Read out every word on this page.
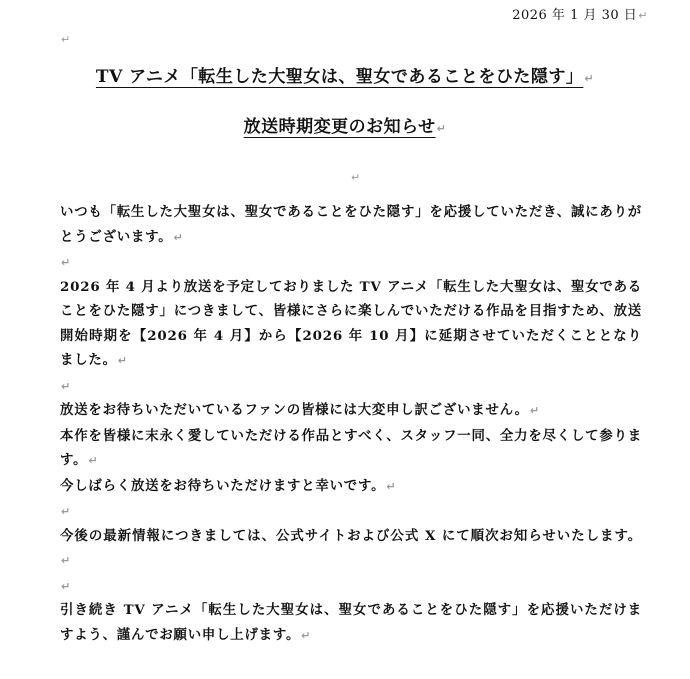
2026 年 1 月 30 日↵
↵
TV アニメ「転生した大聖女は、聖女であることをひた隠す」↵
放送時期変更のお知らせ↵
↵

いつも「転生した大聖女は、聖女であることをひた隠す」を応援していただき、誠にありがとうございます。↵

↵

2026 年 4 月より放送を予定しておりました TV アニメ「転生した大聖女は、聖女であることをひた隠す」につきまして、皆様にさらに楽しんでいただける作品を目指すため、放送開始時期を【2026 年 4 月】から【2026 年 10 月】に延期させていただくこととなりました。↵

↵

放送をお待ちいただいているファンの皆様には大変申し訳ございません。↵

本作を皆様に末永く愛していただける作品とすべく、スタッフ一同、全力を尽くして参ります。↵

今しばらく放送をお待ちいただけますと幸いです。↵

↵

今後の最新情報につきましては、公式サイトおよび公式 X にて順次お知らせいたします。↵

↵

引き続き TV アニメ「転生した大聖女は、聖女であることをひた隠す」を応援いただけますよう、謹んでお願い申し上げます。↵
